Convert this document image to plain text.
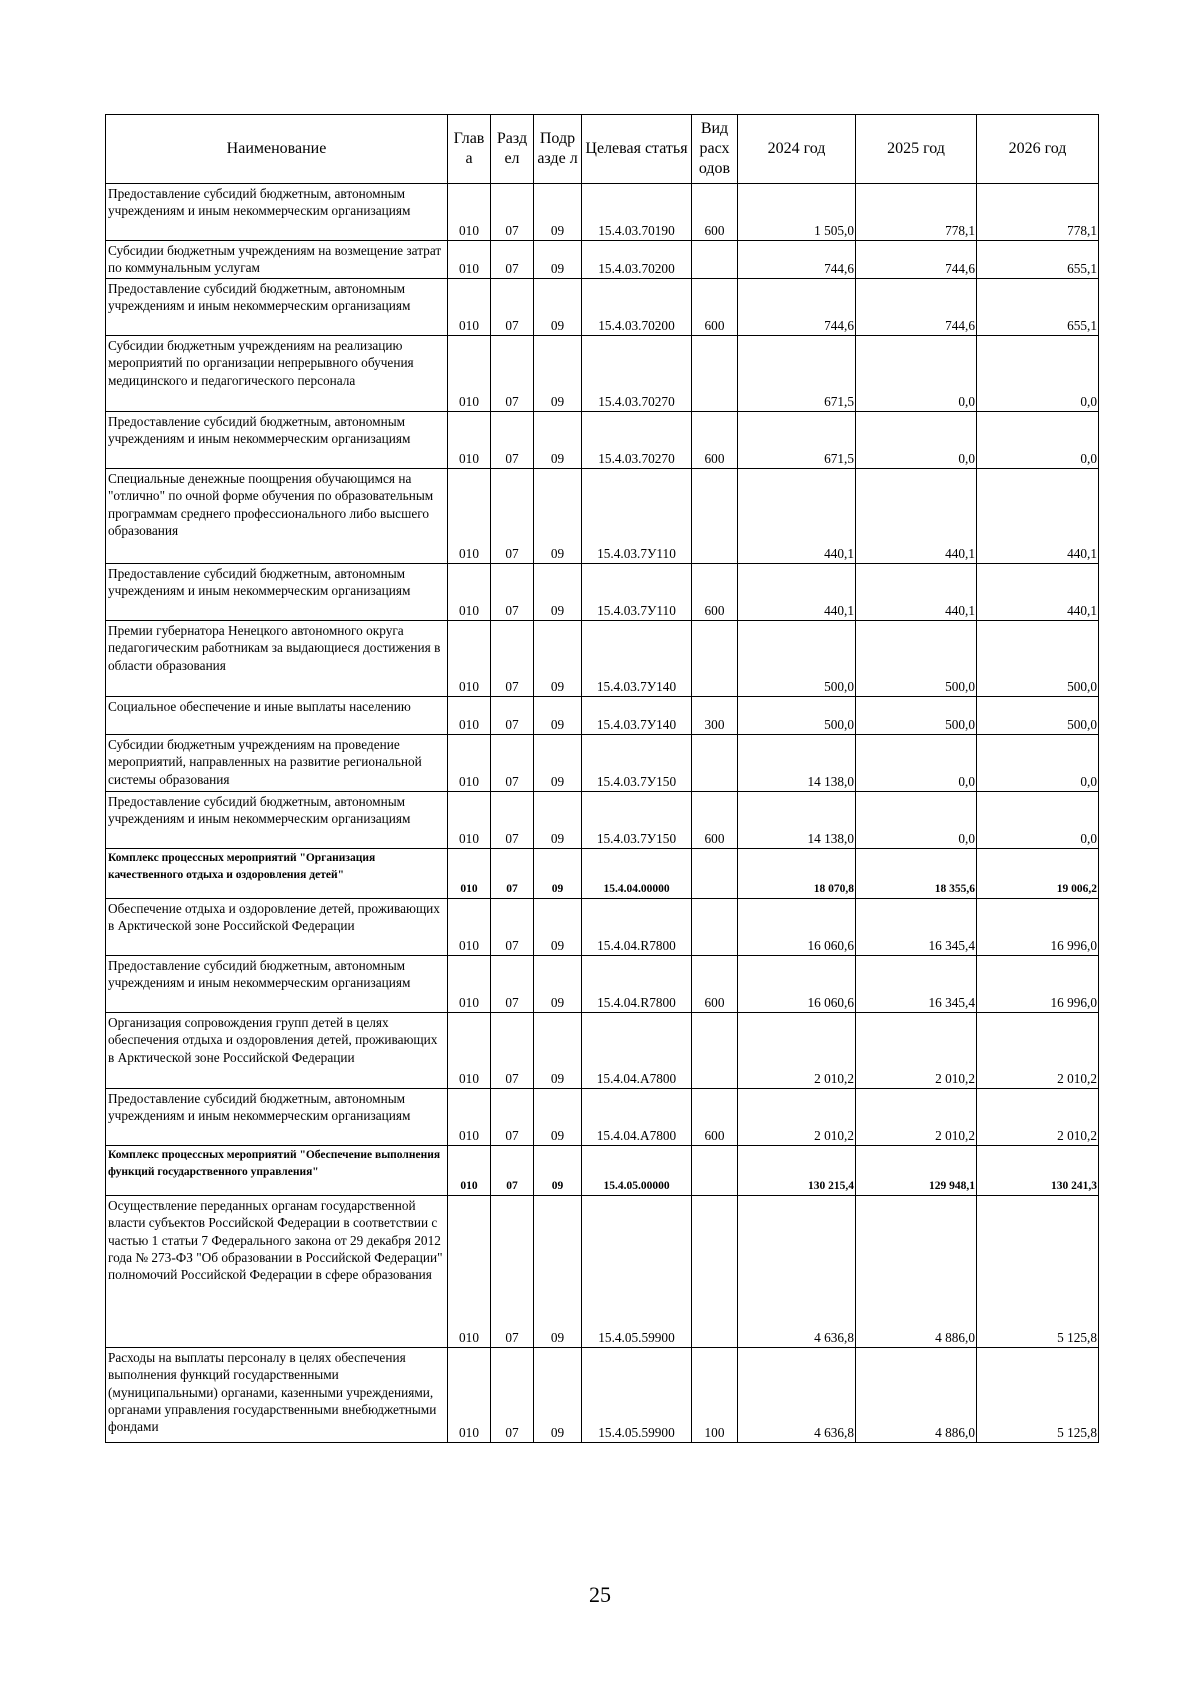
Наименование	Глав а	Разд ел	Подр азде л	Целевая статья	Вид расх одов	2024 год	2025 год	2026 год
Предоставление субсидий бюджетным, автономным учреждениям и иным некоммерческим организациям	010	07	09	15.4.03.70190	600	1 505,0	778,1	778,1
Субсидии бюджетным учреждениям на возмещение затрат по коммунальным услугам	010	07	09	15.4.03.70200		744,6	744,6	655,1
Предоставление субсидий бюджетным, автономным учреждениям и иным некоммерческим организациям	010	07	09	15.4.03.70200	600	744,6	744,6	655,1
Субсидии бюджетным учреждениям на реализацию мероприятий по организации непрерывного обучения медицинского и педагогического персонала	010	07	09	15.4.03.70270		671,5	0,0	0,0
Предоставление субсидий бюджетным, автономным учреждениям и иным некоммерческим организациям	010	07	09	15.4.03.70270	600	671,5	0,0	0,0
Специальные денежные поощрения обучающимся на "отлично" по очной форме обучения по образовательным программам среднего профессионального либо высшего образования	010	07	09	15.4.03.7У110		440,1	440,1	440,1
Предоставление субсидий бюджетным, автономным учреждениям и иным некоммерческим организациям	010	07	09	15.4.03.7У110	600	440,1	440,1	440,1
Премии губернатора Ненецкого автономного округа педагогическим работникам за выдающиеся достижения в области образования	010	07	09	15.4.03.7У140		500,0	500,0	500,0
Социальное обеспечение и иные выплаты населению	010	07	09	15.4.03.7У140	300	500,0	500,0	500,0
Субсидии бюджетным учреждениям на проведение мероприятий, направленных на развитие региональной системы образования	010	07	09	15.4.03.7У150		14 138,0	0,0	0,0
Предоставление субсидий бюджетным, автономным учреждениям и иным некоммерческим организациям	010	07	09	15.4.03.7У150	600	14 138,0	0,0	0,0
Комплекс процессных мероприятий "Организация качественного отдыха и оздоровления детей"	010	07	09	15.4.04.00000		18 070,8	18 355,6	19 006,2
Обеспечение отдыха и оздоровление детей, проживающих в Арктической зоне Российской Федерации	010	07	09	15.4.04.R7800		16 060,6	16 345,4	16 996,0
Предоставление субсидий бюджетным, автономным учреждениям и иным некоммерческим организациям	010	07	09	15.4.04.R7800	600	16 060,6	16 345,4	16 996,0
Организация сопровождения групп детей в целях обеспечения отдыха и оздоровления детей, проживающих в Арктической зоне Российской Федерации	010	07	09	15.4.04.А7800		2 010,2	2 010,2	2 010,2
Предоставление субсидий бюджетным, автономным учреждениям и иным некоммерческим организациям	010	07	09	15.4.04.А7800	600	2 010,2	2 010,2	2 010,2
Комплекс процессных мероприятий "Обеспечение выполнения функций государственного управления"	010	07	09	15.4.05.00000		130 215,4	129 948,1	130 241,3
Осуществление переданных органам государственной власти субъектов Российской Федерации в соответствии с частью 1 статьи 7 Федерального закона от 29 декабря 2012 года № 273-ФЗ "Об образовании в Российской Федерации" полномочий Российской Федерации в сфере образования	010	07	09	15.4.05.59900		4 636,8	4 886,0	5 125,8
Расходы на выплаты персоналу в целях обеспечения выполнения функций государственными (муниципальными) органами, казенными учреждениями, органами управления государственными внебюджетными фондами	010	07	09	15.4.05.59900	100	4 636,8	4 886,0	5 125,8
25
